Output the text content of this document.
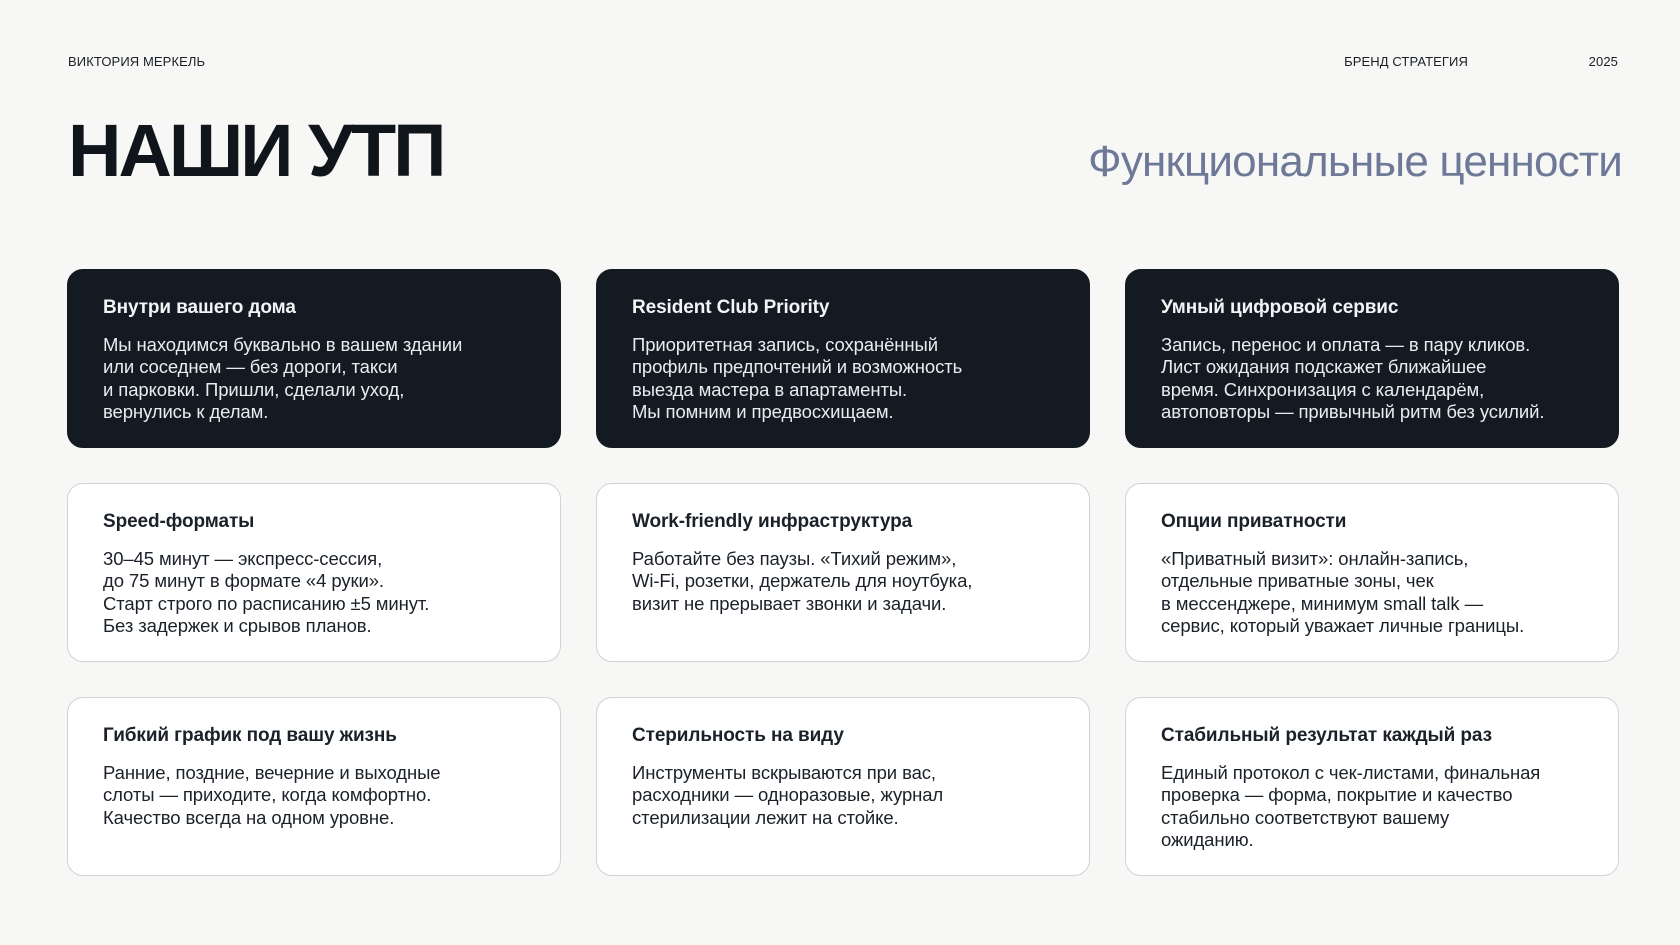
ВИКТОРИЯ МЕРКЕЛЬ	БРЕНД СТРАТЕГИЯ	2025
НАШИ УТП	Функциональные ценности

Внутри вашего дома

Мы находимся буквально в вашем здании
или соседнем — без дороги, такси
и парковки. Пришли, сделали уход,
вернулись к делам.

Resident Club Priority

Приоритетная запись, сохранённый
профиль предпочтений и возможность
выезда мастера в апартаменты.
Мы помним и предвосхищаем.

Умный цифровой сервис

Запись, перенос и оплата — в пару кликов.
Лист ожидания подскажет ближайшее
время. Синхронизация с календарём,
автоповторы — привычный ритм без усилий.

Speed-форматы

30–45 минут — экспресс-сессия,
до 75 минут в формате «4 руки».
Старт строго по расписанию ±5 минут.
Без задержек и срывов планов.

Work-friendly инфраструктура

Работайте без паузы. «Тихий режим»,
Wi-Fi, розетки, держатель для ноутбука,
визит не прерывает звонки и задачи.

Опции приватности

«Приватный визит»: онлайн-запись,
отдельные приватные зоны, чек
в мессенджере, минимум small talk —
сервис, который уважает личные границы.

Гибкий график под вашу жизнь

Ранние, поздние, вечерние и выходные
слоты — приходите, когда комфортно.
Качество всегда на одном уровне.

Стерильность на виду

Инструменты вскрываются при вас,
расходники — одноразовые, журнал
стерилизации лежит на стойке.

Стабильный результат каждый раз

Единый протокол с чек-листами, финальная
проверка — форма, покрытие и качество
стабильно соответствуют вашему
ожиданию.
